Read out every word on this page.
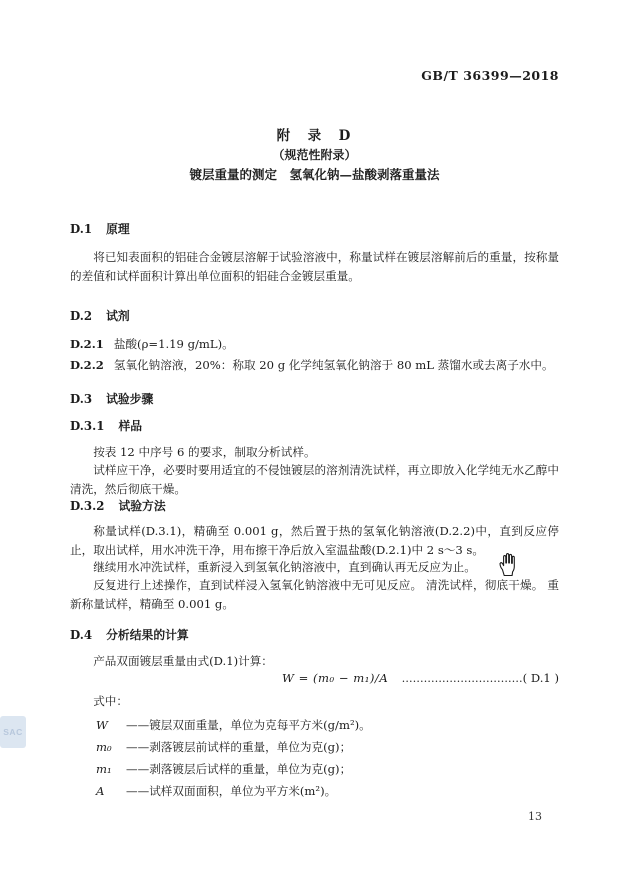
SAC
GB/T 36399—2018
附　录　D
（规范性附录）
镀层重量的测定　氢氧化钠—盐酸剥落重量法
D.1 原理
将已知表面积的铝硅合金镀层溶解于试验溶液中，称量试样在镀层溶解前后的重量，按称量的差值和试样面积计算出单位面积的铝硅合金镀层重量。
D.2 试剂
D.2.1 盐酸(ρ=1.19 g/mL)。
D.2.2 氢氧化钠溶液，20%：称取 20 g 化学纯氢氧化钠溶于 80 mL 蒸馏水或去离子水中。
D.3 试验步骤
D.3.1 样品
按表 12 中序号 6 的要求，制取分析试样。
试样应干净，必要时要用适宜的不侵蚀镀层的溶剂清洗试样，再立即放入化学纯无水乙醇中清洗，然后彻底干燥。
D.3.2 试验方法
称量试样(D.3.1)，精确至 0.001 g，然后置于热的氢氧化钠溶液(D.2.2)中，直到反应停止，取出试样，用水冲洗干净，用布擦干净后放入室温盐酸(D.2.1)中 2 s～3 s。
继续用水冲洗试样，重新浸入到氢氧化钠溶液中，直到确认再无反应为止。
反复进行上述操作，直到试样浸入氢氧化钠溶液中无可见反应。 清洗试样，彻底干燥。 重新称量试样，精确至 0.001 g。
D.4 分析结果的计算
产品双面镀层重量由式(D.1)计算：
W = (m₀ − m₁)/A …………………………… ( D.1 )
式中：
W	——镀层双面重量，单位为克每平方米(g/m²)。
m₀	——剥落镀层前试样的重量，单位为克(g)；
m₁	——剥落镀层后试样的重量，单位为克(g)；
A	——试样双面面积，单位为平方米(m²)。
13
